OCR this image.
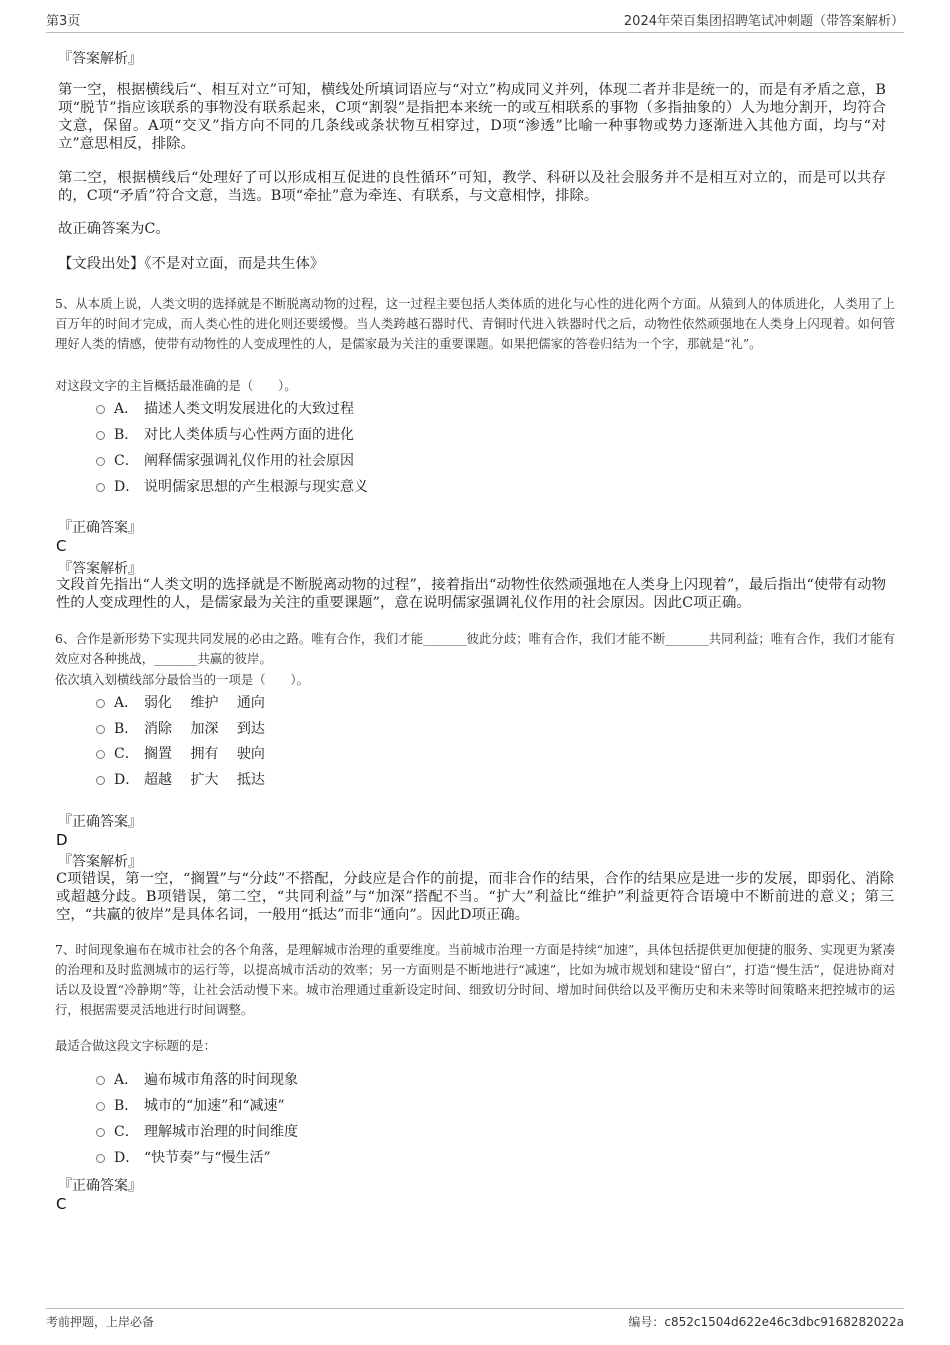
第3页	2024年荣百集团招聘笔试冲刺题（带答案解析）
『答案解析』
第一空，根据横线后“、相互对立”可知，横线处所填词语应与“对立”构成同义并列，体现二者并非是统一的，而是有矛盾之意，B项“脱节”指应该联系的事物没有联系起来，C项“割裂”是指把本来统一的或互相联系的事物（多指抽象的）人为地分割开，均符合文意，保留。A项“交叉”指方向不同的几条线或条状物互相穿过，D项“渗透”比喻一种事物或势力逐渐进入其他方面，均与“对立”意思相反，排除。
第二空，根据横线后“处理好了可以形成相互促进的良性循环”可知，教学、科研以及社会服务并不是相互对立的，而是可以共存的，C项“矛盾”符合文意，当选。B项“牵扯”意为牵连、有联系，与文意相悖，排除。
故正确答案为C。
【文段出处】《不是对立面，而是共生体》
5、从本质上说，人类文明的选择就是不断脱离动物的过程，这一过程主要包括人类体质的进化与心性的进化两个方面。从猿到人的体质进化，人类用了上百万年的时间才完成，而人类心性的进化则还要缓慢。当人类跨越石器时代、青铜时代进入铁器时代之后，动物性依然顽强地在人类身上闪现着。如何管理好人类的情感，使带有动物性的人变成理性的人，是儒家最为关注的重要课题。如果把儒家的答卷归结为一个字，那就是“礼”。
对这段文字的主旨概括最准确的是（　　）。
A． 描述人类文明发展进化的大致过程
B． 对比人类体质与心性两方面的进化
C． 阐释儒家强调礼仪作用的社会原因
D． 说明儒家思想的产生根源与现实意义
『正确答案』
C
『答案解析』
文段首先指出“人类文明的选择就是不断脱离动物的过程”，接着指出“动物性依然顽强地在人类身上闪现着”，最后指出“使带有动物性的人变成理性的人，是儒家最为关注的重要课题”，意在说明儒家强调礼仪作用的社会原因。因此C项正确。
6、合作是新形势下实现共同发展的必由之路。唯有合作，我们才能_______彼此分歧；唯有合作，我们才能不断_______共同利益；唯有合作，我们才能有效应对各种挑战，_______共赢的彼岸。
依次填入划横线部分最恰当的一项是（　　）。
A． 弱化　 维护　 通向
B． 消除　 加深　 到达
C． 搁置　 拥有　 驶向
D． 超越　 扩大　 抵达
『正确答案』
D
『答案解析』
C项错误，第一空，“搁置”与“分歧”不搭配，分歧应是合作的前提，而非合作的结果，合作的结果应是进一步的发展，即弱化、消除或超越分歧。B项错误，第二空，“共同利益”与“加深”搭配不当。“扩大”利益比“维护”利益更符合语境中不断前进的意义；第三空，“共赢的彼岸”是具体名词，一般用“抵达”而非“通向”。因此D项正确。
7、时间现象遍布在城市社会的各个角落，是理解城市治理的重要维度。当前城市治理一方面是持续“加速”，具体包括提供更加便捷的服务、实现更为紧凑的治理和及时监测城市的运行等，以提高城市活动的效率；另一方面则是不断地进行“减速”，比如为城市规划和建设“留白”，打造“慢生活”，促进协商对话以及设置“冷静期”等，让社会活动慢下来。城市治理通过重新设定时间、细致切分时间、增加时间供给以及平衡历史和未来等时间策略来把控城市的运行，根据需要灵活地进行时间调整。
最适合做这段文字标题的是：
A． 遍布城市角落的时间现象
B． 城市的“加速”和“减速”
C． 理解城市治理的时间维度
D． “快节奏”与“慢生活”
『正确答案』
C
考前押题，上岸必备	编号：c852c1504d622e46c3dbc9168282022a
